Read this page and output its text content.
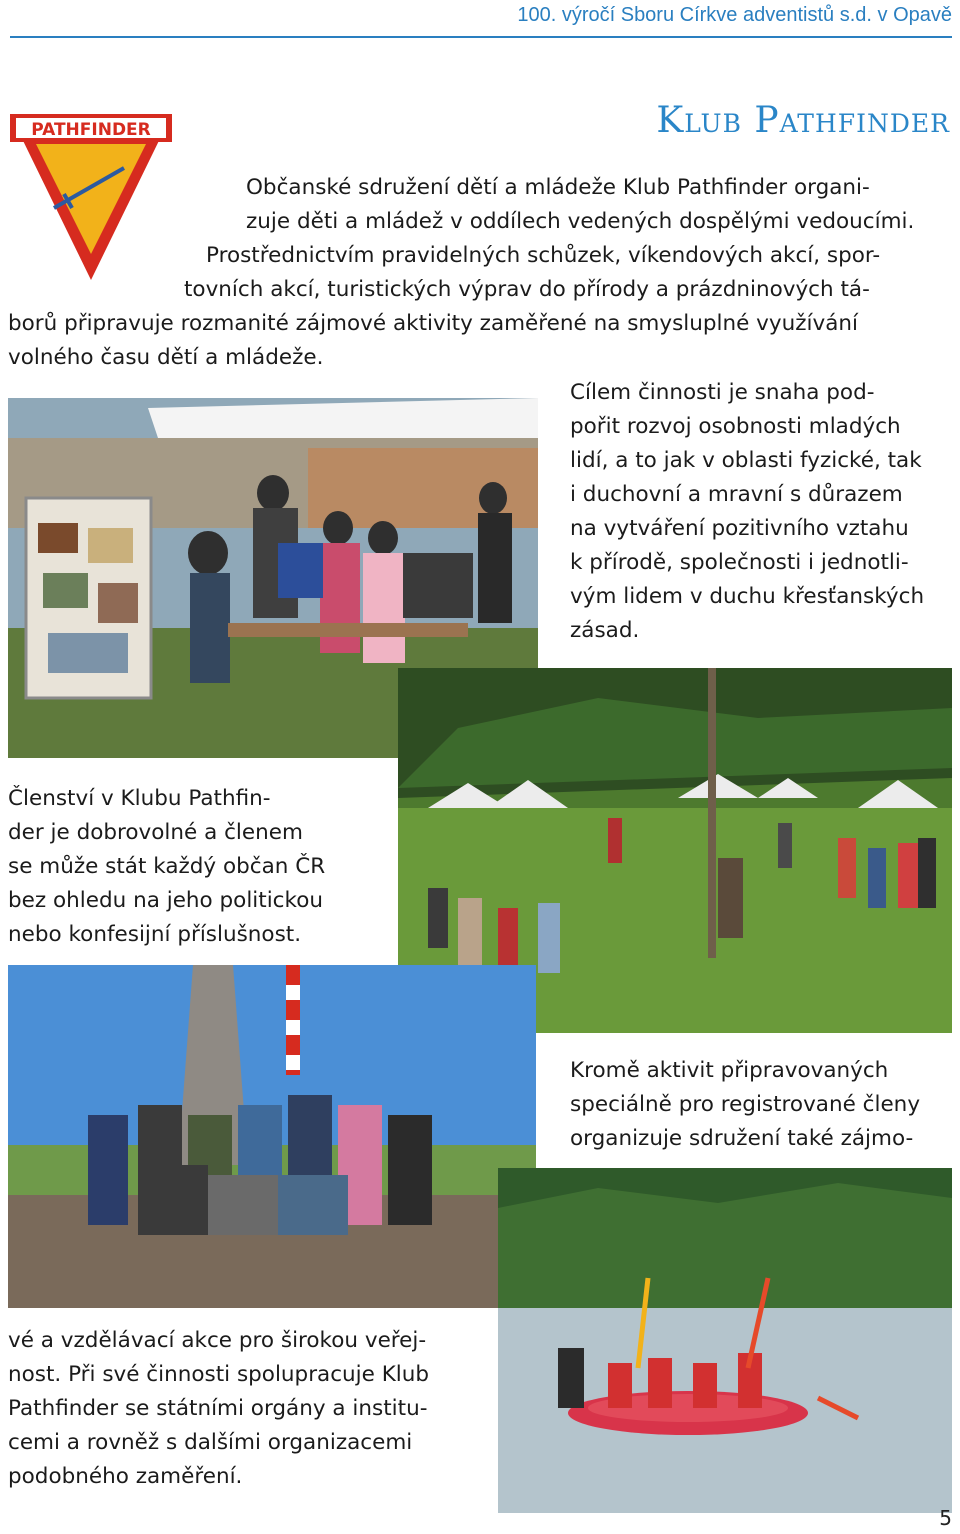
100. výročí Sboru Církve adventistů s.d. v Opavě
PATHFINDER	Klub Pathfinder
Občanské sdružení dětí a mládeže Klub Pathfinder organi-
zuje děti a mládež v oddílech vedených dospělými vedoucími.
Prostřednictvím pravidelných schůzek, víkendových akcí, spor-
tovních akcí, turistických výprav do přírody a prázdninových tá-
borů připravuje rozmanité zájmové aktivity zaměřené na smysluplné využívání
volného času dětí a mládeže.
Cílem činnosti je snaha pod-
pořit rozvoj osobnosti mladých
lidí, a to jak v oblasti fyzické, tak
i duchovní a mravní s důrazem
na vytváření pozitivního vztahu
k přírodě, společnosti i jednotli-
vým lidem v duchu křesťanských
zásad.
Členství v Klubu Pathfin-
der je dobrovolné a členem
se může stát každý občan ČR
bez ohledu na jeho politickou
nebo konfesijní příslušnost.
Kromě aktivit připravovaných
speciálně pro registrované členy
organizuje sdružení také zájmo-
vé a vzdělávací akce pro širokou veřej-
nost. Při své činnosti spolupracuje Klub
Pathfinder se státními orgány a institu-
cemi a rovněž s dalšími organizacemi
podobného zaměření.
5
